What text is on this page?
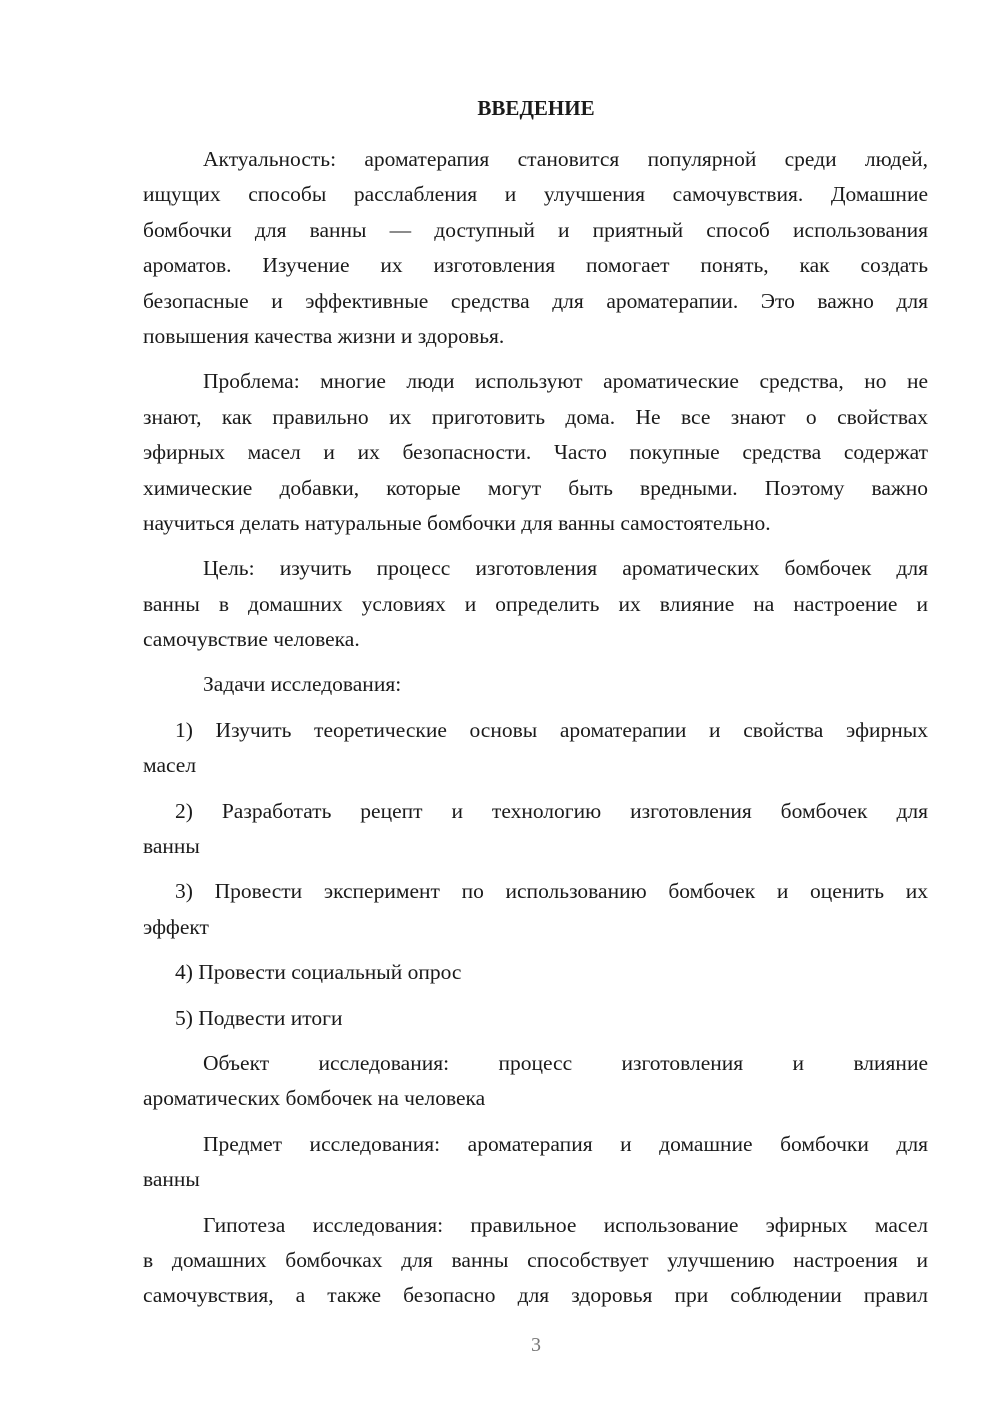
ВВЕДЕНИЕ
Актуальность: ароматерапия становится популярной среди людей,
ищущих способы расслабления и улучшения самочувствия. Домашние
бомбочки для ванны — доступный и приятный способ использования
ароматов. Изучение их изготовления помогает понять, как создать
безопасные и эффективные средства для ароматерапии. Это важно для
повышения качества жизни и здоровья.
Проблема: многие люди используют ароматические средства, но не
знают, как правильно их приготовить дома. Не все знают о свойствах
эфирных масел и их безопасности. Часто покупные средства содержат
химические добавки, которые могут быть вредными. Поэтому важно
научиться делать натуральные бомбочки для ванны самостоятельно.
Цель: изучить процесс изготовления ароматических бомбочек для
ванны в домашних условиях и определить их влияние на настроение и
самочувствие человека.
Задачи исследования:
1) Изучить теоретические основы ароматерапии и свойства эфирных
масел
2) Разработать рецепт и технологию изготовления бомбочек для
ванны
3) Провести эксперимент по использованию бомбочек и оценить их
эффект
4) Провести социальный опрос
5) Подвести итоги
Объект исследования: процесс изготовления и влияние
ароматических бомбочек на человека
Предмет исследования: ароматерапия и домашние бомбочки для
ванны
Гипотеза исследования: правильное использование эфирных масел
в домашних бомбочках для ванны способствует улучшению настроения и
самочувствия, а также безопасно для здоровья при соблюдении правил
3
